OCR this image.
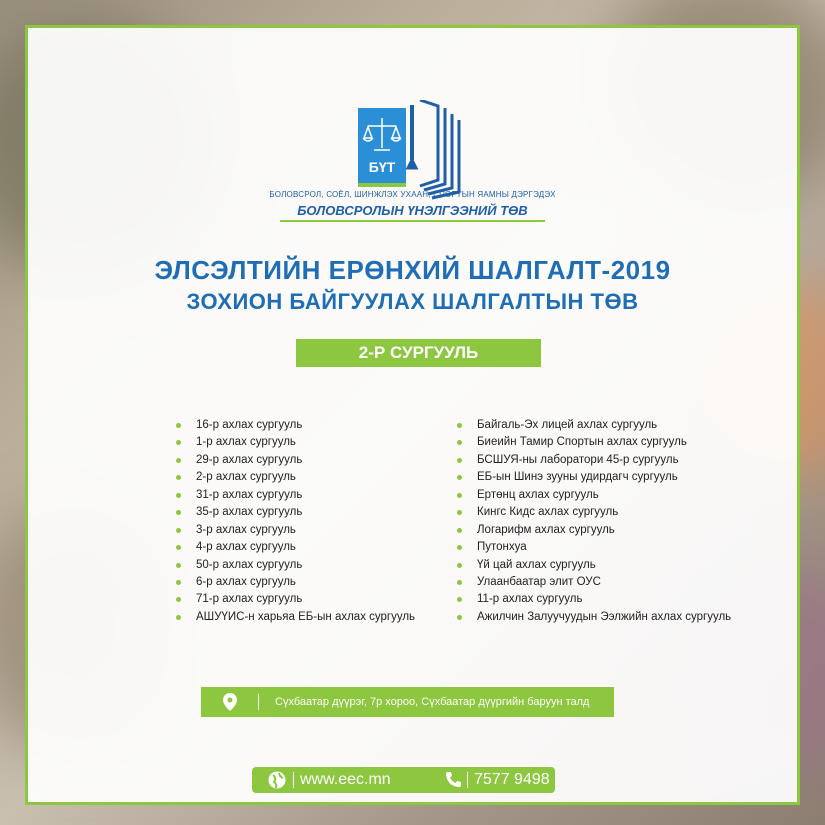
БҮТ
БОЛОВСРОЛ, СОЁЛ, ШИНЖЛЭХ УХААН, СПОРТЫН ЯАМНЫ ДЭРГЭДЭХ
БОЛОВСРОЛЫН ҮНЭЛГЭЭНИЙ ТӨВ
ЭЛСЭЛТИЙН ЕРӨНХИЙ ШАЛГАЛТ-2019
ЗОХИОН БАЙГУУЛАХ ШАЛГАЛТЫН ТӨВ
2-Р СУРГУУЛЬ
16-р ахлах сургууль
1-р ахлах сургууль
29-р ахлах сургууль
2-р ахлах сургууль
31-р ахлах сургууль
35-р ахлах сургууль
3-р ахлах сургууль
4-р ахлах сургууль
50-р ахлах сургууль
6-р ахлах сургууль
71-р ахлах сургууль
АШУҮИС-н харьяа ЕБ-ын ахлах сургууль
Байгаль-Эх лицей ахлах сургууль
Биеийн Тамир Спортын ахлах сургууль
БСШУЯ-ны лаборатори 45-р сургууль
ЕБ-ын Шинэ зууны удирдагч сургууль
Ертөнц ахлах сургууль
Кингс Кидс ахлах сургууль
Логарифм ахлах сургууль
Путонхуа
Үй цай ахлах сургууль
Улаанбаатар элит ОУС
11-р ахлах сургууль
Ажилчин Залуучуудын Ээлжийн ахлах сургууль
Сүхбаатар дүүрэг, 7р хороо, Сүхбаатар дүүргийн баруун талд
www.eec.mn	7577 9498
